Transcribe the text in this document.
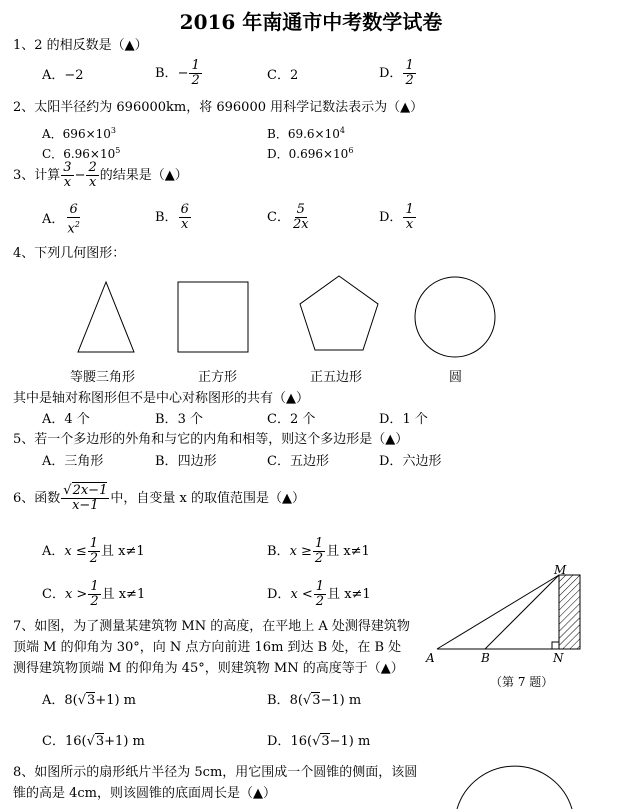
2016 年南通市中考数学试卷
1、2 的相反数是（▲）
A．−2	B．− $\frac{1}{2}$	C．2	D． $\frac{1}{2}$
2、太阳半径约为 696000km，将 696000 用科学记数法表示为（▲）
A．$696\times 10^3$	B．$69.6\times 10^4$
C．$6.96\times 10^5$	D．$0.696\times 10^6$
3、计算 $\frac{3}{x} - \frac{2}{x}$ 的结果是（▲）
A． $\frac{6}{x^2}$	B． $\frac{6}{x}$	C． $\frac{5}{2x}$	D． $\frac{1}{x}$
4、下列几何图形：
等腰三角形	正方形	正五边形	圆
其中是轴对称图形但不是中心对称图形的共有（▲）
A．4 个	B．3 个	C．2 个	D．1 个
5、若一个多边形的外角和与它的内角和相等，则这个多边形是（▲）
A．三角形	B．四边形	C．五边形	D．六边形
6、函数 $\frac{√2x-1}{x-1}$ 中，自变量 x 的取值范围是（▲）
A．$x \le \frac{1}{2}$ 且 x≠1	B．$x \ge \frac{1}{2}$ 且 x≠1
C．$x > \frac{1}{2}$ 且 x≠1	D．$x < \frac{1}{2}$ 且 x≠1
7、如图，为了测量某建筑物 MN 的高度，在平地上 A 处测得建筑物
顶端 M 的仰角为 30°，向 N 点方向前进 16m 到达 B 处，在 B 处
测得建筑物顶端 M 的仰角为 45°，则建筑物 MN 的高度等于（▲）
M
A	B	N
（第 7 题）
A．8(√3+1) m	B．8(√3−1) m
C．16(√3+1) m	D．16(√3−1) m
8、如图所示的扇形纸片半径为 5cm，用它围成一个圆锥的侧面，该圆
锥的高是 4cm，则该圆锥的底面周长是（▲）
